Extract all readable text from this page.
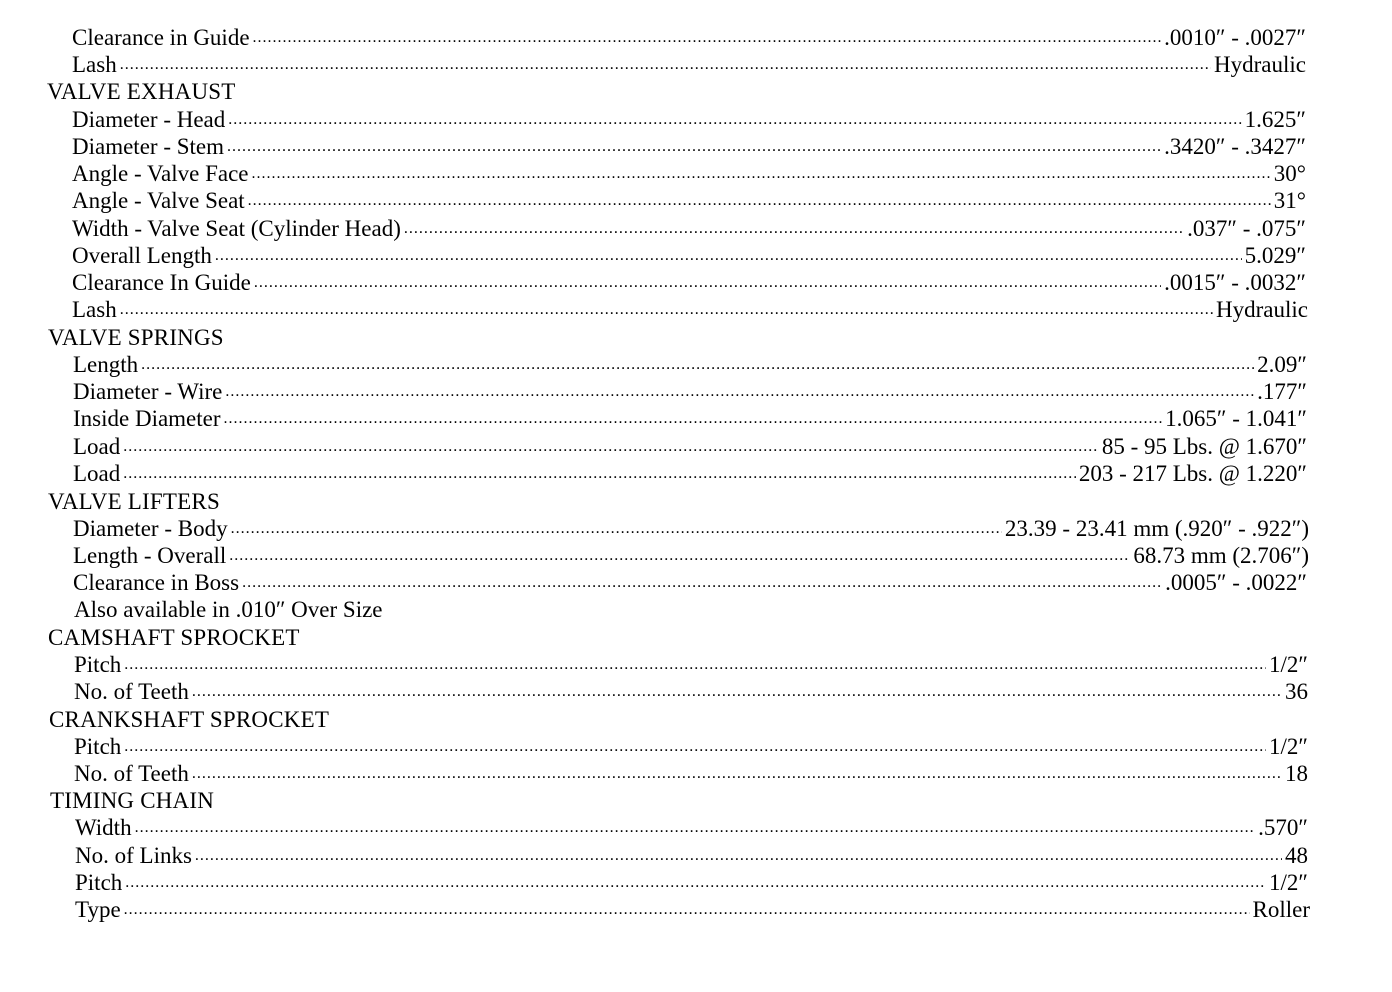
Clearance in Guide .....	.0010″ - .0027″
Lash .....	Hydraulic
VALVE EXHAUST
Diameter - Head .....	1.625″
Diameter - Stem .....	.3420″ - .3427″
Angle - Valve Face .....	30°
Angle - Valve Seat .....	31°
Width - Valve Seat (Cylinder Head) .....	.037″ - .075″
Overall Length .....	5.029″
Clearance In Guide .....	.0015″ - .0032″
Lash .....	Hydraulic
VALVE SPRINGS
Length .....	2.09″
Diameter - Wire .....	.177″
Inside Diameter .....	1.065″ - 1.041″
Load .....	85 - 95 Lbs. @ 1.670″
Load .....	203 - 217 Lbs. @ 1.220″
VALVE LIFTERS
Diameter - Body .....	23.39 - 23.41 mm (.920″ - .922″)
Length - Overall .....	68.73 mm (2.706″)
Clearance in Boss .....	.0005″ - .0022″
Also available in .010″ Over Size
CAMSHAFT SPROCKET
Pitch .....	1/2″
No. of Teeth .....	36
CRANKSHAFT SPROCKET
Pitch .....	1/2″
No. of Teeth .....	18
TIMING CHAIN
Width .....	.570″
No. of Links .....	48
Pitch .....	1/2″
Type .....	Roller
